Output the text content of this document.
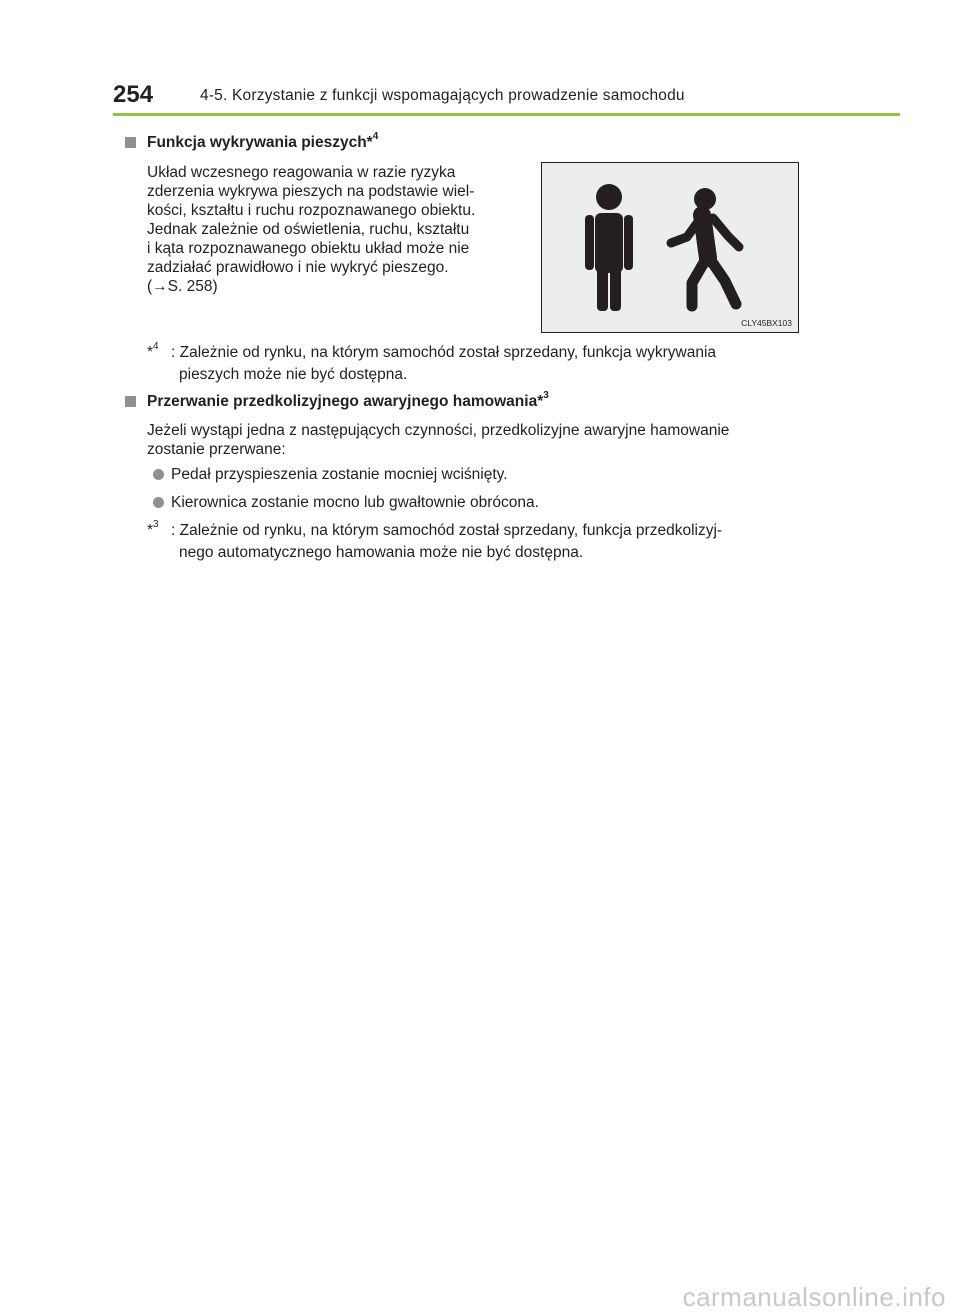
254	4-5. Korzystanie z funkcji wspomagających prowadzenie samochodu
Funkcja wykrywania pieszych*$^4$
Układ wczesnego reagowania w razie ryzyka
zderzenia wykrywa pieszych na podstawie wiel-
kości, kształtu i ruchu rozpoznawanego obiektu.
Jednak zależnie od oświetlenia, ruchu, kształtu
i kąta rozpoznawanego obiektu układ może nie
zadziałać prawidłowo i nie wykryć pieszego.
(→S. 258)
CLY45BX103
*$^4$ : Zależnie od rynku, na którym samochód został sprzedany, funkcja wykrywania
pieszych może nie być dostępna.
Przerwanie przedkolizyjnego awaryjnego hamowania*$^3$
Jeżeli wystąpi jedna z następujących czynności, przedkolizyjne awaryjne hamowanie
zostanie przerwane:
Pedał przyspieszenia zostanie mocniej wciśnięty.
Kierownica zostanie mocno lub gwałtownie obrócona.
*$^3$ : Zależnie od rynku, na którym samochód został sprzedany, funkcja przedkolizyj-
nego automatycznego hamowania może nie być dostępna.
carmanualsonline.info
